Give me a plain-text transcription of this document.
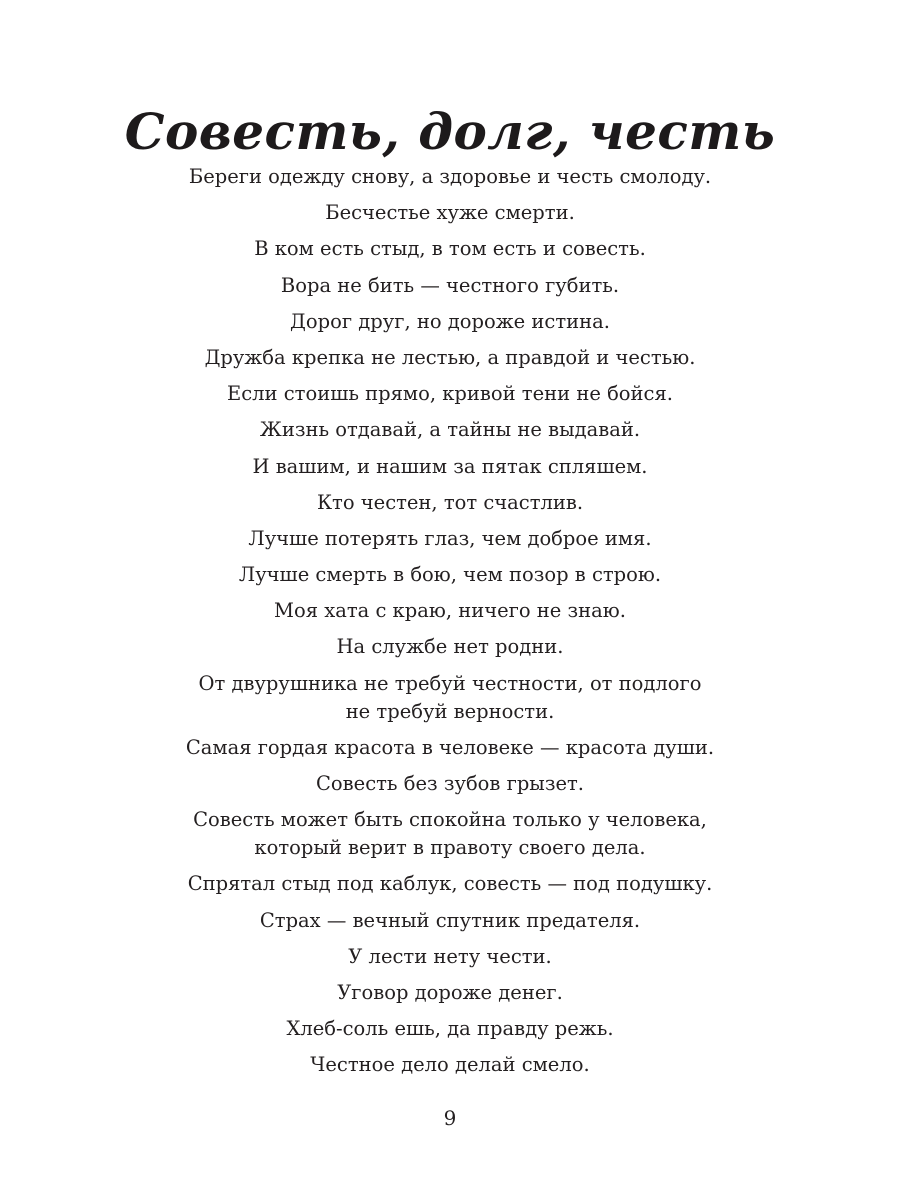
Совесть, долг, честь
Береги одежду снову, а здоровье и честь смолоду.
Бесчестье хуже смерти.
В ком есть стыд, в том есть и совесть.
Вора не бить — честного губить.
Дорог друг, но дороже истина.
Дружба крепка не лестью, а правдой и честью.
Если стоишь прямо, кривой тени не бойся.
Жизнь отдавай, а тайны не выдавай.
И вашим, и нашим за пятак спляшем.
Кто честен, тот счастлив.
Лучше потерять глаз, чем доброе имя.
Лучше смерть в бою, чем позор в строю.
Моя хата с краю, ничего не знаю.
На службе нет родни.
От двурушника не требуй честности, от подлого
не требуй верности.
Самая гордая красота в человеке — красота души.
Совесть без зубов грызет.
Совесть может быть спокойна только у человека,
который верит в правоту своего дела.
Спрятал стыд под каблук, совесть — под подушку.
Страх — вечный спутник предателя.
У лести нету чести.
Уговор дороже денег.
Хлеб-соль ешь, да правду режь.
Честное дело делай смело.
9
